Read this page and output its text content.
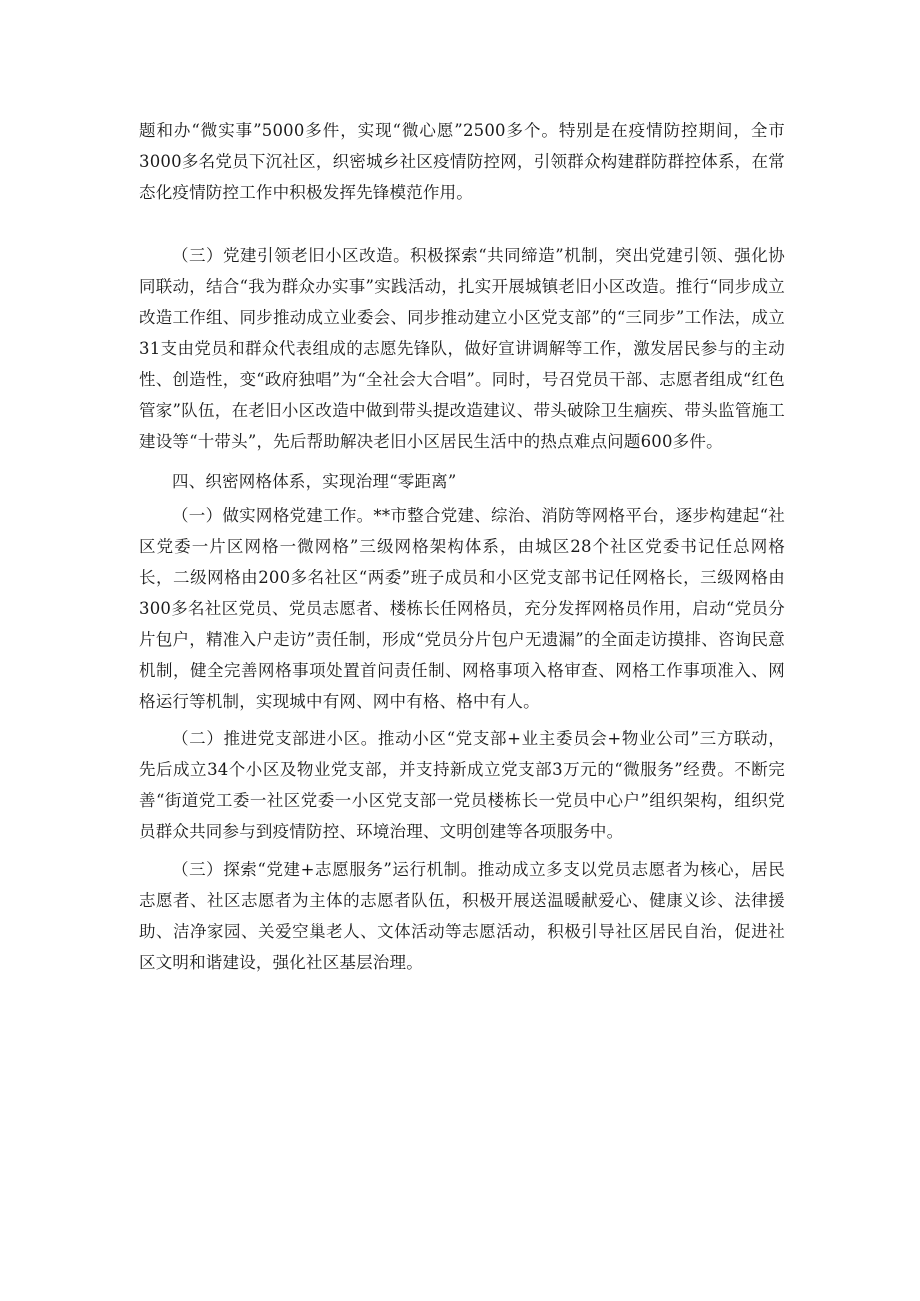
题和办“微实事”5000多件，实现“微心愿”2500多个。特别是在疫情防控期间，全市3000多名党员下沉社区，织密城乡社区疫情防控网，引领群众构建群防群控体系，在常态化疫情防控工作中积极发挥先锋模范作用。

（三）党建引领老旧小区改造。积极探索“共同缔造”机制，突出党建引领、强化协同联动，结合“我为群众办实事”实践活动，扎实开展城镇老旧小区改造。推行“同步成立改造工作组、同步推动成立业委会、同步推动建立小区党支部”的“三同步”工作法，成立31支由党员和群众代表组成的志愿先锋队，做好宣讲调解等工作，激发居民参与的主动性、创造性，变“政府独唱”为“全社会大合唱”。同时，号召党员干部、志愿者组成“红色管家”队伍，在老旧小区改造中做到带头提改造建议、带头破除卫生痼疾、带头监管施工建设等“十带头”，先后帮助解决老旧小区居民生活中的热点难点问题600多件。

四、织密网格体系，实现治理“零距离”

（一）做实网格党建工作。**市整合党建、综治、消防等网格平台，逐步构建起“社区党委一片区网格一微网格”三级网格架构体系，由城区28个社区党委书记任总网格长，二级网格由200多名社区“两委”班子成员和小区党支部书记任网格长，三级网格由300多名社区党员、党员志愿者、楼栋长任网格员，充分发挥网格员作用，启动“党员分片包户，精准入户走访”责任制，形成“党员分片包户无遗漏”的全面走访摸排、咨询民意机制，健全完善网格事项处置首问责任制、网格事项入格审查、网格工作事项准入、网格运行等机制，实现城中有网、网中有格、格中有人。

（二）推进党支部进小区。推动小区“党支部+业主委员会+物业公司”三方联动，先后成立34个小区及物业党支部，并支持新成立党支部3万元的“微服务”经费。不断完善“街道党工委一社区党委一小区党支部一党员楼栋长一党员中心户”组织架构，组织党员群众共同参与到疫情防控、环境治理、文明创建等各项服务中。

（三）探索“党建+志愿服务”运行机制。推动成立多支以党员志愿者为核心，居民志愿者、社区志愿者为主体的志愿者队伍，积极开展送温暖献爱心、健康义诊、法律援助、洁净家园、关爱空巢老人、文体活动等志愿活动，积极引导社区居民自治，促进社区文明和谐建设，强化社区基层治理。
